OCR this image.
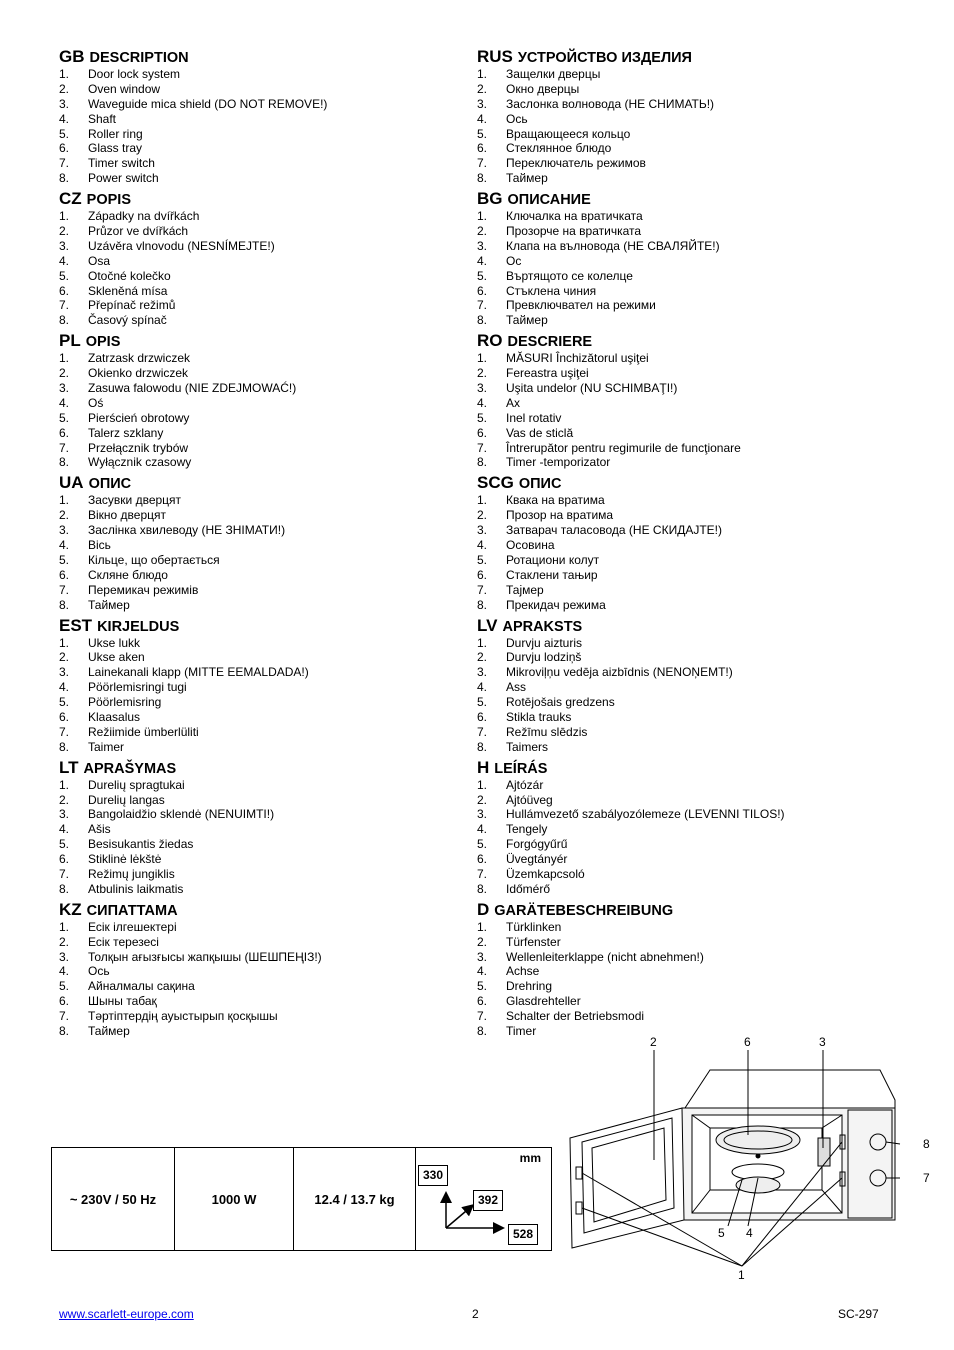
GB DESCRIPTION
1. Door lock system
2. Oven window
3. Waveguide mica shield (DO NOT REMOVE!)
4. Shaft
5. Roller ring
6. Glass tray
7. Timer switch
8. Power switch
CZ POPIS
1. Západky na dvířkách
2. Průzor ve dvířkách
3. Uzávěra vlnovodu (NESNÍMEJTE!)
4. Osa
5. Otočné kolečko
6. Skleněná mísa
7. Přepínač režimů
8. Časový spínač
PL OPIS
1. Zatrzask drzwiczek
2. Okienko drzwiczek
3. Zasuwa falowodu (NIE ZDEJMOWAĆ!)
4. Oś
5. Pierścień obrotowy
6. Talerz szklany
7. Przełącznik trybów
8. Wyłącznik czasowy
UA ОПИС
1. Засувки дверцят
2. Вікно дверцят
3. Заслінка хвилеводу (НЕ ЗНІМАТИ!)
4. Вісь
5. Кільце, що обертається
6. Скляне блюдо
7. Перемикач режимів
8. Таймер
EST KIRJELDUS
1. Ukse lukk
2. Ukse aken
3. Lainekanali klapp (MITTE EEMALDADA!)
4. Pöörlemisringi tugi
5. Pöörlemisring
6. Klaasalus
7. Režiimide ümberlüliti
8. Taimer
LT APRAŠYMAS
1. Durelių spragtukai
2. Durelių langas
3. Bangolaidžio sklendė (NENUIMTI!)
4. Ašis
5. Besisukantis žiedas
6. Stiklinė lėkštė
7. Režimų jungiklis
8. Atbulinis laikmatis
KZ СИПАТТАМА
1. Есік ілгешектері
2. Есік терезесі
3. Толқын ағызғысы жапқышы (ШЕШПЕҢІЗ!)
4. Ось
5. Айналмалы сақина
6. Шыны табақ
7. Тәртіптердің ауыстырып қосқышы
8. Таймер
RUS УСТРОЙСТВО ИЗДЕЛИЯ
1. Защелки дверцы
2. Окно дверцы
3. Заслонка волновода (НЕ СНИМАТЬ!)
4. Ось
5. Вращающееся кольцо
6. Стеклянное блюдо
7. Переключатель режимов
8. Таймер
BG ОПИСАНИЕ
1. Ключалка на вратичката
2. Прозорче на вратичката
3. Клапа на вълновода (НЕ СВАЛЯЙТЕ!)
4. Ос
5. Въртящото се колелце
6. Стъклена чиния
7. Превключвател на режими
8. Таймер
RO DESCRIERE
1. MĂSURI Închizătorul uşiţei
2. Fereastra uşiţei
3. Uşita undelor (NU SCHIMBAŢI!)
4. Ax
5. Inel rotativ
6. Vas de sticlă
7. Întrerupător pentru regimurile de funcţionare
8. Timer -temporizator
SCG ОПИС
1. Квака на вратима
2. Прозор на вратима
3. Затварач таласовода (НЕ СКИДАЈТЕ!)
4. Осовина
5. Ротациони колут
6. Стаклени тањир
7. Тајмер
8. Прекидач режима
LV APRAKSTS
1. Durvju aizturis
2. Durvju lodziņš
3. Mikroviļņu vedēja aizbīdnis (NENOŅEMT!)
4. Ass
5. Rotējošais gredzens
6. Stikla trauks
7. Režīmu slēdzis
8. Taimers
H LEÍRÁS
1. Ajtózár
2. Ajtóüveg
3. Hullámvezető szabályozólemeze (LEVENNI TILOS!)
4. Tengely
5. Forgógyűrű
6. Üvegtányér
7. Üzemkapcsoló
8. Időmérő
D GARÄTEBESCHREIBUNG
1. Türklinken
2. Türfenster
3. Wellenleiterklappe (nicht abnehmen!)
4. Achse
5. Drehring
6. Glasdrehteller
7. Schalter der Betriebsmodi
8. Timer
~ 230V / 50 Hz	1000 W	12.4 / 13.7 kg
mm
330
392
528
2	6	3
8
7
5 4
1
www.scarlett-europe.com	2	SC-297
